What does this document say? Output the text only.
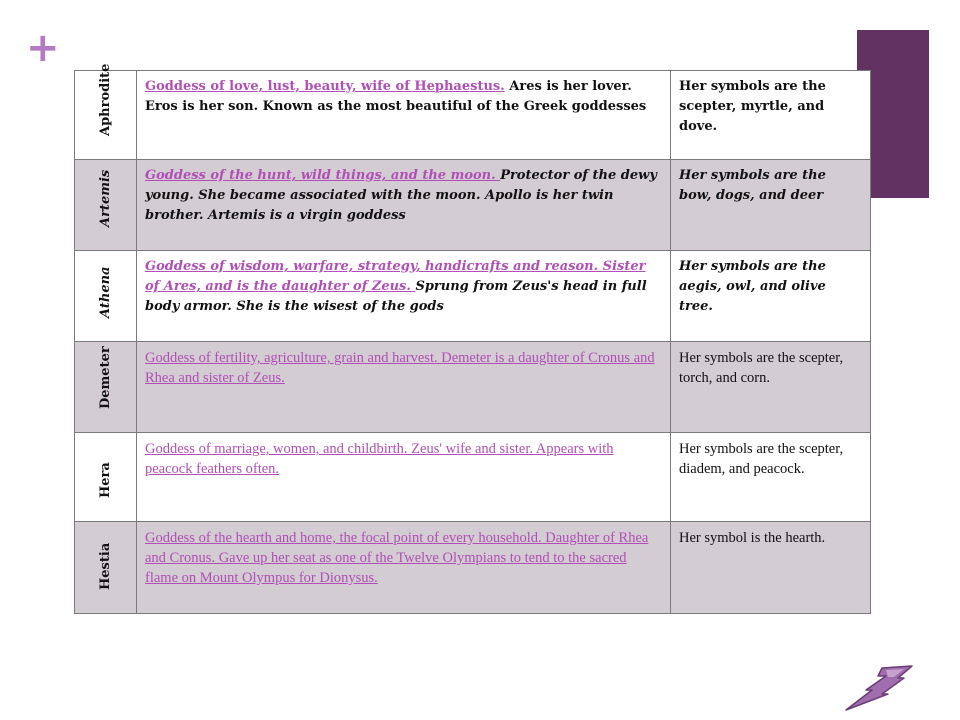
+
Aphrodite	Goddess of love, lust, beauty, wife of Hephaestus. Ares is her lover. Eros is her son. Known as the most beautiful of the Greek goddesses	Her symbols are the scepter, myrtle, and dove.

Artemis	Goddess of the hunt, wild things, and the moon. Protector of the dewy young. She became associated with the moon. Apollo is her twin brother. Artemis is a virgin goddess	Her symbols are the bow, dogs, and deer

Athena	Goddess of wisdom, warfare, strategy, handicrafts and reason. Sister of Ares, and is the daughter of Zeus. Sprung from Zeus's head in full body armor. She is the wisest of the gods	Her symbols are the aegis, owl, and olive tree.

Demeter	Goddess of fertility, agriculture, grain and harvest. Demeter is a daughter of Cronus and Rhea and sister of Zeus.	Her symbols are the scepter, torch, and corn.

Hera	Goddess of marriage, women, and childbirth. Zeus' wife and sister. Appears with peacock feathers often.	Her symbols are the scepter, diadem, and peacock.

Hestia	Goddess of the hearth and home, the focal point of every household. Daughter of Rhea and Cronus. Gave up her seat as one of the Twelve Olympians to tend to the sacred flame on Mount Olympus for Dionysus.	Her symbol is the hearth.
